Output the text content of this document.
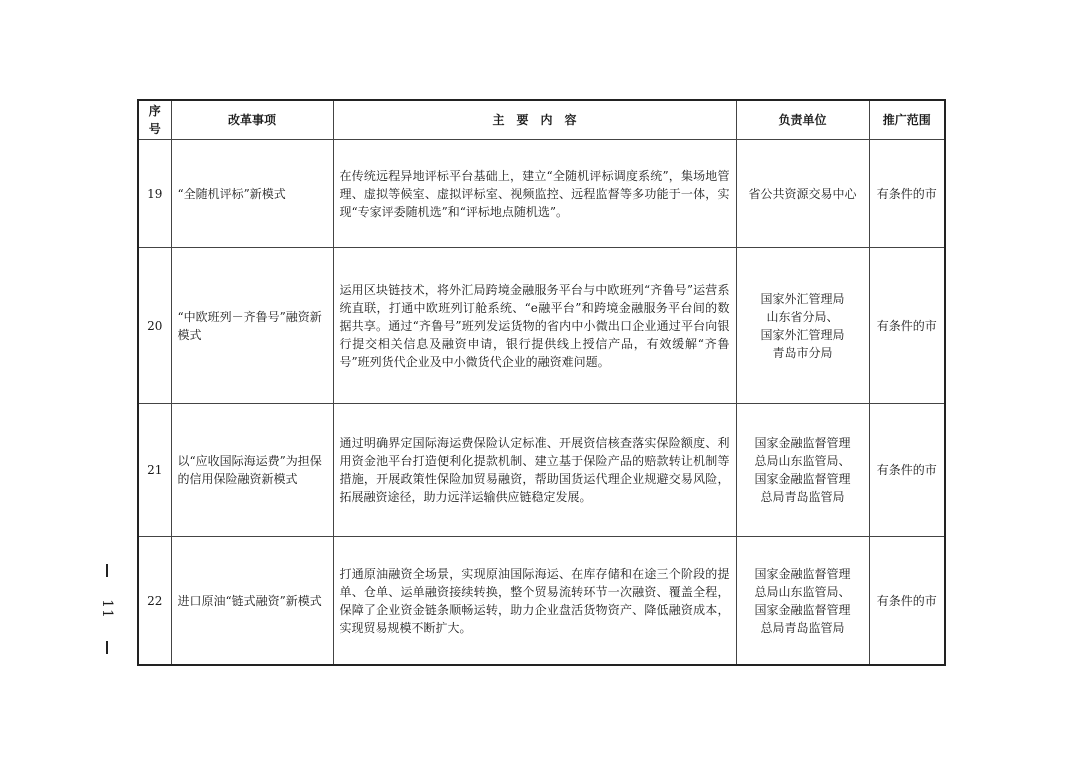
11
序号	改革事项	主　要　内　容	负责单位	推广范围
19	“全随机评标”新模式	在传统远程异地评标平台基础上，建立“全随机评标调度系统”，集场地管理、虚拟等候室、虚拟评标室、视频监控、远程监督等多功能于一体，实现“专家评委随机选”和“评标地点随机选”。	省公共资源交易中心	有条件的市
20	“中欧班列－齐鲁号”融资新模式	运用区块链技术，将外汇局跨境金融服务平台与中欧班列“齐鲁号”运营系统直联，打通中欧班列订舱系统、“e融平台”和跨境金融服务平台间的数据共享。通过“齐鲁号”班列发运货物的省内中小微出口企业通过平台向银行提交相关信息及融资申请，银行提供线上授信产品，有效缓解“齐鲁号”班列货代企业及中小微货代企业的融资难问题。	国家外汇管理局
山东省分局、
国家外汇管理局
青岛市分局	有条件的市
21	以“应收国际海运费”为担保的信用保险融资新模式	通过明确界定国际海运费保险认定标准、开展资信核查落实保险额度、利用资金池平台打造便利化提款机制、建立基于保险产品的赔款转让机制等措施，开展政策性保险加贸易融资，帮助国货运代理企业规避交易风险，拓展融资途径，助力远洋运输供应链稳定发展。	国家金融监督管理
总局山东监管局、
国家金融监督管理
总局青岛监管局	有条件的市
22	进口原油“链式融资”新模式	打通原油融资全场景，实现原油国际海运、在库存储和在途三个阶段的提单、仓单、运单融资接续转换，整个贸易流转环节一次融资、覆盖全程，保障了企业资金链条顺畅运转，助力企业盘活货物资产、降低融资成本，实现贸易规模不断扩大。	国家金融监督管理
总局山东监管局、
国家金融监督管理
总局青岛监管局	有条件的市
